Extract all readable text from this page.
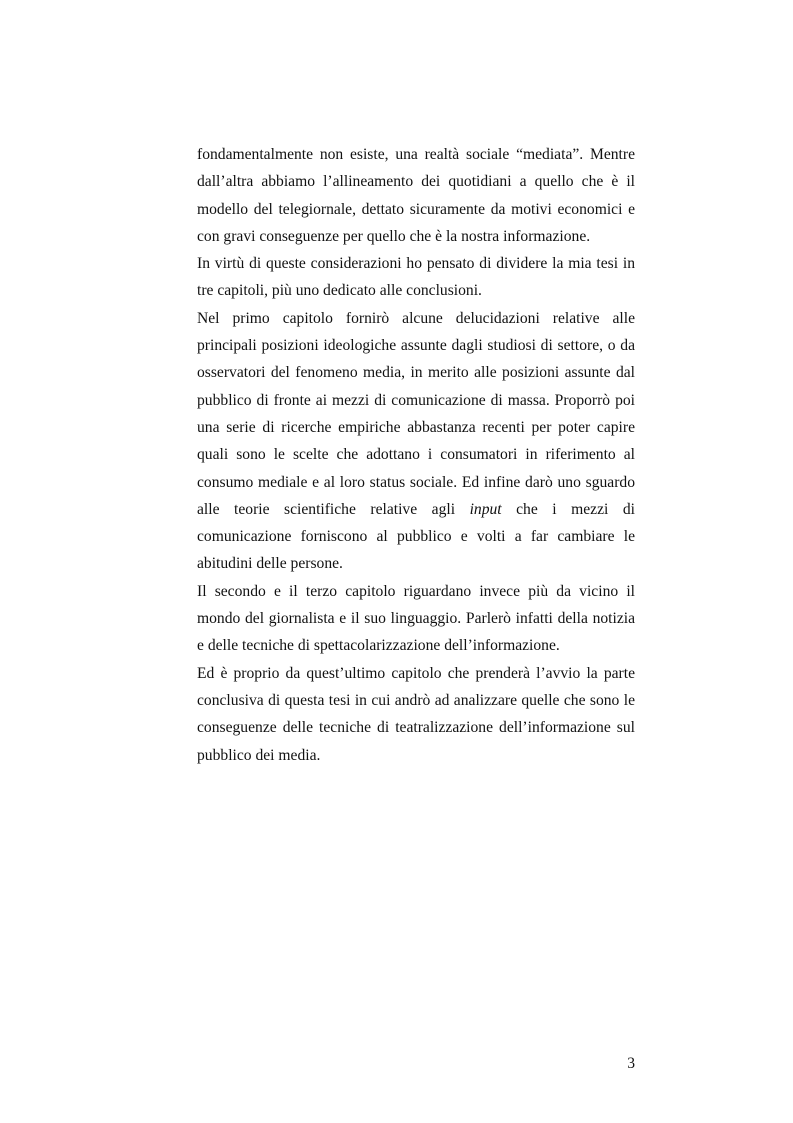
fondamentalmente non esiste, una realtà sociale “mediata”. Mentre dall’altra abbiamo l’allineamento dei quotidiani a quello che è il modello del telegiornale, dettato sicuramente da motivi economici e con gravi conseguenze per quello che è la nostra informazione.

In virtù di queste considerazioni ho pensato di dividere la mia tesi in tre capitoli, più uno dedicato alle conclusioni.

Nel primo capitolo fornirò alcune delucidazioni relative alle principali posizioni ideologiche assunte dagli studiosi di settore, o da osservatori del fenomeno media, in merito alle posizioni assunte dal pubblico di fronte ai mezzi di comunicazione di massa. Proporrò poi una serie di ricerche empiriche abbastanza recenti per poter capire quali sono le scelte che adottano i consumatori in riferimento al consumo mediale e al loro status sociale. Ed infine darò uno sguardo alle teorie scientifiche relative agli input che i mezzi di comunicazione forniscono al pubblico e volti a far cambiare le abitudini delle persone.

Il secondo e il terzo capitolo riguardano invece più da vicino il mondo del giornalista e il suo linguaggio. Parlerò infatti della notizia e delle tecniche di spettacolarizzazione dell’informazione.

Ed è proprio da quest’ultimo capitolo che prenderà l’avvio la parte conclusiva di questa tesi in cui andrò ad analizzare quelle che sono le conseguenze delle tecniche di teatralizzazione dell’informazione sul pubblico dei media.

3
